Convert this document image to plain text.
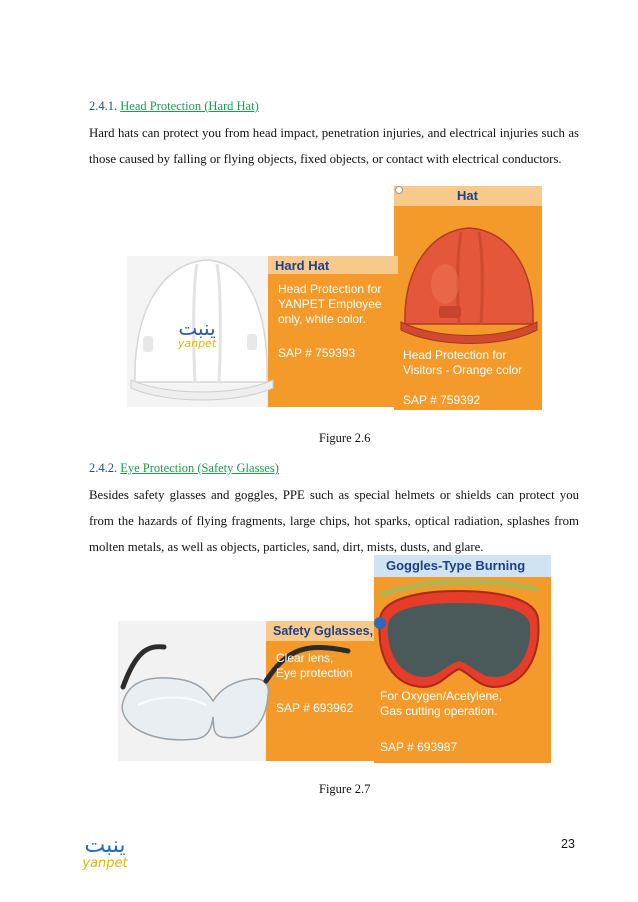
2.4.1. Head Protection (Hard Hat)
Hard hats can protect you from head impact, penetration injuries, and electrical injuries such as those caused by falling or flying objects, fixed objects, or contact with electrical conductors.
ينبت
yanpet
Hard Hat
Head Protection for
YANPET Employee
only, white color.
SAP # 759393
Hat
Head Protection for
Visitors - Orange color
SAP # 759392
Figure 2.6
2.4.2. Eye Protection (Safety Glasses)
Besides safety glasses and goggles, PPE such as special helmets or shields can protect you from the hazards of flying fragments, large chips, hot sparks, optical radiation, splashes from molten metals, as well as objects, particles, sand, dirt, mists, dusts, and glare.
Safety Gglasses,
Clear lens,
Eye protection
SAP # 693962
Goggles-Type Burning
For Oxygen/Acetylene,
Gas cutting operation.
SAP # 693987
Figure 2.7
ينبت
yanpet
23
